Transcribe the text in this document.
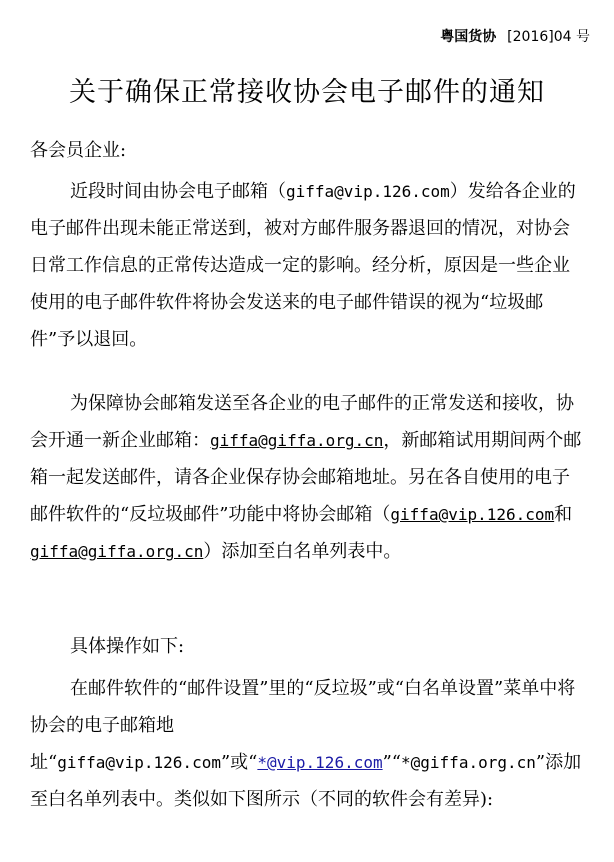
粤国货协 [2016]04 号
关于确保正常接收协会电子邮件的通知
各会员企业:
近段时间由协会电子邮箱（giffa@vip.126.com）发给各企业的电子邮件出现未能正常送到，被对方邮件服务器退回的情况，对协会日常工作信息的正常传达造成一定的影响。经分析，原因是一些企业使用的电子邮件软件将协会发送来的电子邮件错误的视为“垃圾邮件”予以退回。
为保障协会邮箱发送至各企业的电子邮件的正常发送和接收，协会开通一新企业邮箱：giffa@giffa.org.cn，新邮箱试用期间两个邮箱一起发送邮件，请各企业保存协会邮箱地址。另在各自使用的电子邮件软件的“反垃圾邮件”功能中将协会邮箱（giffa@vip.126.com和giffa@giffa.org.cn）添加至白名单列表中。
具体操作如下:
在邮件软件的“邮件设置”里的“反垃圾”或“白名单设置”菜单中将协会的电子邮箱地址“giffa@vip.126.com”或“*@vip.126.com”“*@giffa.org.cn”添加至白名单列表中。类似如下图所示（不同的软件会有差异):
